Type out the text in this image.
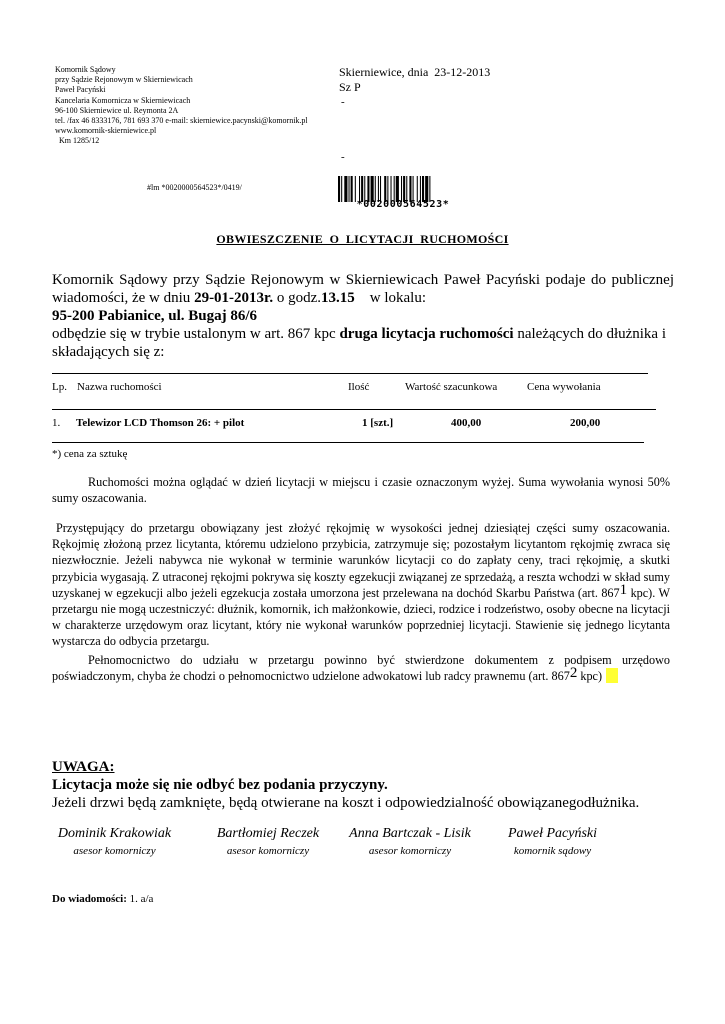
Komornik Sądowy
przy Sądzie Rejonowym w Skierniewicach
Paweł Pacyński
Kancelaria Komornicza w Skierniewicach
96-100 Skierniewice ul. Reymonta 2A
tel. /fax 46 8333176, 781 693 370 e-mail: skierniewice.pacynski@komornik.pl
www.komornik-skierniewice.pl
Km 1285/12
Skierniewice, dnia  23-12-2013
Sz P
-
-
#lm *0020000564523*/0419/
*002000564523*
OBWIESZCZENIE  O  LICYTACJI  RUCHOMOŚCI

Komornik Sądowy przy Sądzie Rejonowym w Skierniewicach Paweł Pacyński podaje do publicznej wiadomości, że w dniu 29-01-2013r. o godz.13.15    w lokalu:

95-200 Pabianice, ul. Bugaj 86/6

odbędzie się w trybie ustalonym w art. 867 kpc druga licytacja ruchomości należących do dłużnika i składających się z:

Lp. Nazwa ruchomości	Ilość	Wartość szacunkowa	Cena wywołania
1. Telewizor LCD Thomson 26: + pilot	1 [szt.]	400,00	200,00
*) cena za sztukę

Ruchomości można oglądać w dzień licytacji w miejscu i czasie oznaczonym wyżej. Suma wywołania wynosi 50% sumy oszacowania.

Przystępujący do przetargu obowiązany jest złożyć rękojmię w wysokości jednej dziesiątej części sumy oszacowania. Rękojmię złożoną przez licytanta, któremu udzielono przybicia, zatrzymuje się; pozostałym licytantom rękojmię zwraca się niezwłocznie. Jeżeli nabywca nie wykonał w terminie warunków licytacji co do zapłaty ceny, traci rękojmię, a skutki przybicia wygasają. Z utraconej rękojmi pokrywa się koszty egzekucji związanej ze sprzedażą, a reszta wchodzi w skład sumy uzyskanej w egzekucji albo jeżeli egzekucja została umorzona jest przelewana na dochód Skarbu Państwa (art. $867^1$ kpc). W przetargu nie mogą uczestniczyć: dłużnik, komornik, ich małżonkowie, dzieci, rodzice i rodzeństwo, osoby obecne na licytacji w charakterze urzędowym oraz licytant, który nie wykonał warunków poprzedniej licytacji. Stawienie się jednego licytanta wystarcza do odbycia przetargu.

Pełnomocnictwo do udziału w przetargu powinno być stwierdzone dokumentem z podpisem urzędowo poświadczonym, chyba że chodzi o pełnomocnictwo udzielone adwokatowi lub radcy prawnemu (art. $867^2$ kpc)

UWAGA:
Licytacja może się nie odbyć bez podania przyczyny.
Jeżeli drzwi będą zamknięte, będą otwierane na koszt i odpowiedzialność obowiązanegodłużnika.
Dominik Krakowiak
asesor komorniczy
Bartłomiej Reczek
asesor komorniczy
Anna Bartczak - Lisik
asesor komorniczy
Paweł Pacyński
komornik sądowy
Do wiadomości: 1. a/a
